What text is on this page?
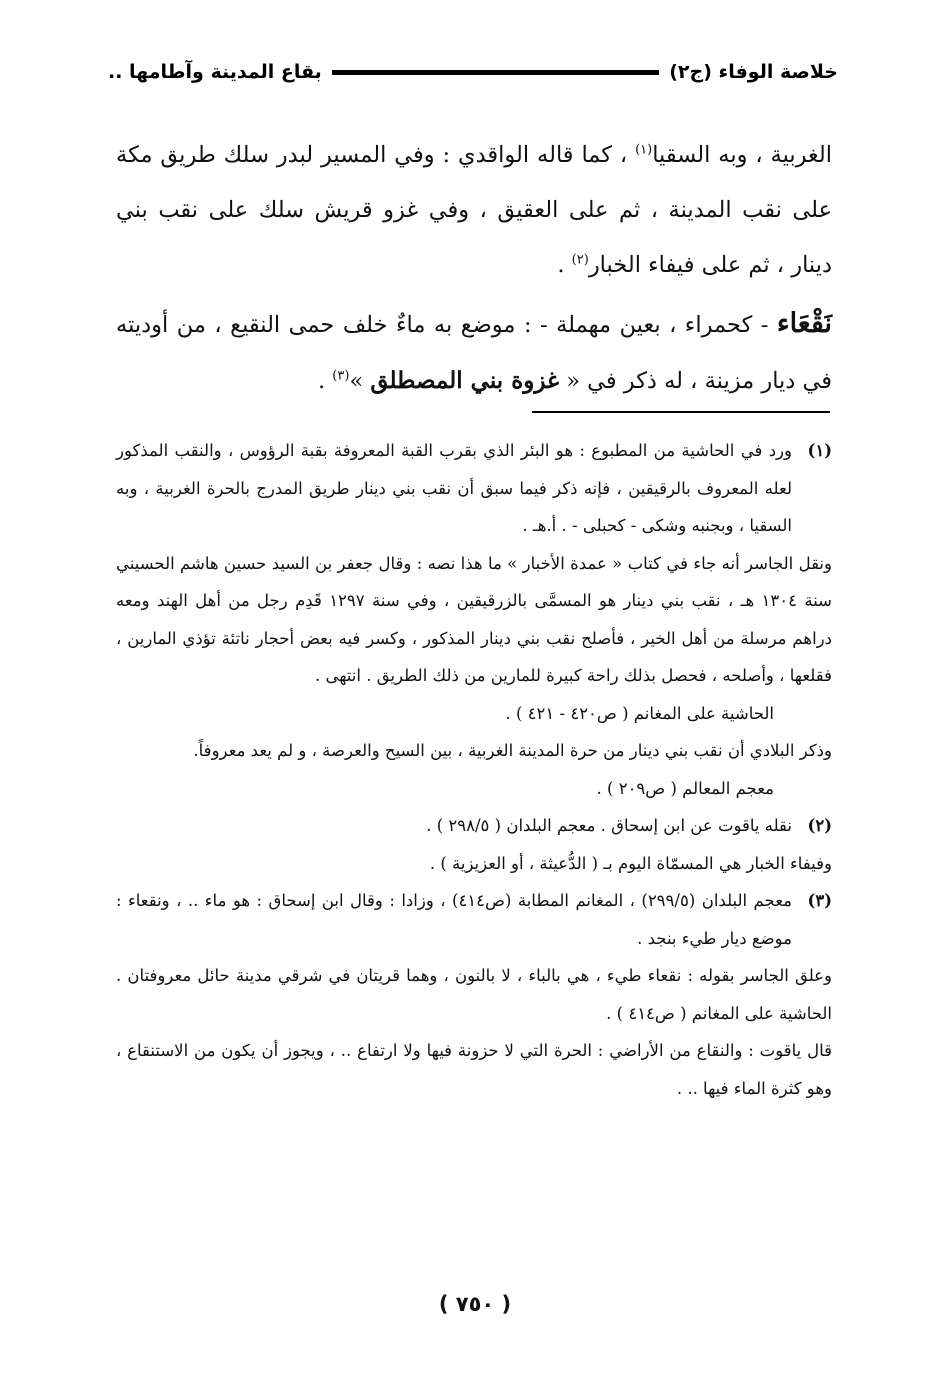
خلاصة الوفاء (ج٢)
بقاع المدينة وآطامها ..

الغربية ، وبه السقيا$^{(١)}$ ، كما قاله الواقدي : وفي المسير لبدر سلك طريق مكة على نقب المدينة ، ثم على العقيق ، وفي غزو قريش سلك على نقب بني دينار ، ثم على فيفاء الخبار$^{(٢)}$ .

نَقْعَاء - كحمراء ، بعين مهملة - : موضع به ماءٌ خلف حمى النقيع ، من أوديته في ديار مزينة ، له ذكر في « غزوة بني المصطلق »$^{(٣)}$ .

(١)
ورد في الحاشية من المطبوع : هو البئر الذي بقرب القبة المعروفة بقبة الرؤوس ، والنقب المذكور لعله المعروف بالرقيقين ، فإنه ذكر فيما سبق أن نقب بني دينار طريق المدرج بالحرة الغربية ، وبه السقيا ، وبجنبه وشكى - كحبلى - . أ.هـ .

ونقل الجاسر أنه جاء في كتاب « عمدة الأخبار » ما هذا نصه : وقال جعفر بن السيد حسين هاشم الحسيني سنة ١٣٠٤ هـ ، نقب بني دينار هو المسمَّى بالزرقيقين ، وفي سنة ١٢٩٧ قَدِم رجل من أهل الهند ومعه دراهم مرسلة من أهل الخير ، فأصلح نقب بني دينار المذكور ، وكسر فيه بعض أحجار ناتئة تؤذي المارين ، فقلعها ، وأصلحه ، فحصل بذلك راحة كبيرة للمارين من ذلك الطريق . انتهى .

الحاشية على المغانم ( ص٤٢٠ - ٤٢١ ) .

وذكر البلادي أن نقب بني دينار من حرة المدينة الغربية ، بين السيح والعرصة ، و لم يعد معروفاً.

معجم المعالم ( ص٢٠٩ ) .

(٢)
نقله ياقوت عن ابن إسحاق . معجم البلدان ( ٢٩٨/٥ ) .

وفيفاء الخبار هي المسمّاة اليوم بـ ( الدُّعيثة ، أو العزيزية ) .

(٣)
معجم البلدان (٢٩٩/٥) ، المغانم المطابة (ص٤١٤) ، وزادا : وقال ابن إسحاق : هو ماء .. ، ونقعاء : موضع ديار طيء بنجد .

وعلق الجاسر بقوله : نقعاء طيء ، هي بالباء ، لا بالنون ، وهما قريتان في شرقي مدينة حائل معروفتان . الحاشية على المغانم ( ص٤١٤ ) .

قال ياقوت : والنقاع من الأراضي : الحرة التي لا حزونة فيها ولا ارتفاع .. ، ويجوز أن يكون من الاستنقاع ، وهو كثرة الماء فيها .. .

( ٧٥٠ )
